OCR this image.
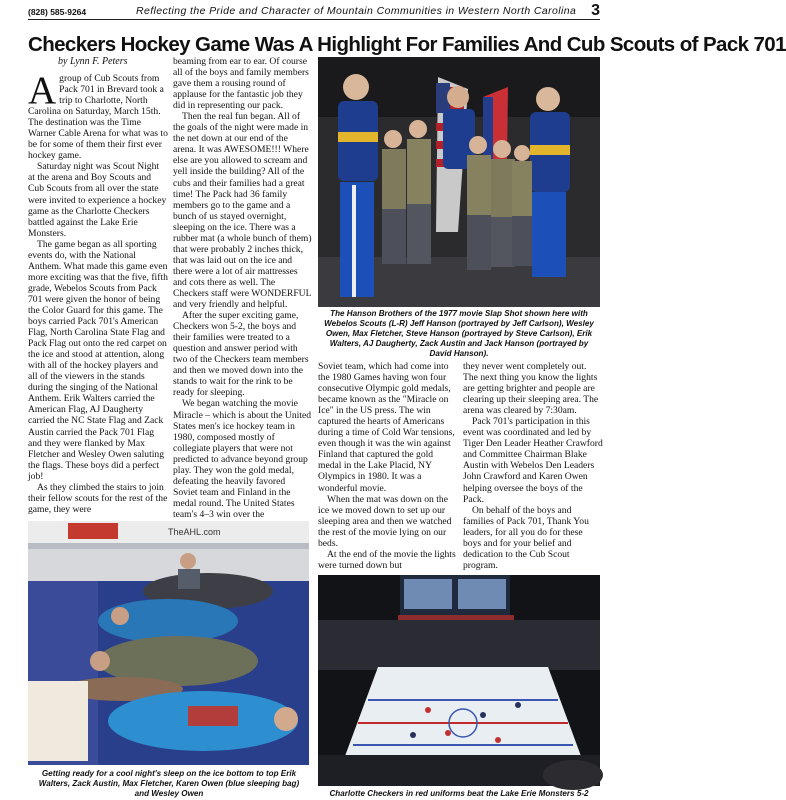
(828) 585-9264	Reflecting the Pride and Character of Mountain Communities in Western North Carolina 3
Checkers Hockey Game Was A Highlight For Families And Cub Scouts of Pack 701
by Lynn F. Peters
A group of Cub Scouts from Pack 701 in Brevard took a trip to Charlotte, North Carolina on Saturday, March 15th. The destination was the Time Warner Cable Arena for what was to be for some of them their first ever hockey game.

Saturday night was Scout Night at the arena and Boy Scouts and Cub Scouts from all over the state were invited to experience a hockey game as the Charlotte Checkers battled against the Lake Erie Monsters.

The game began as all sporting events do, with the National Anthem. What made this game even more exciting was that the five, fifth grade, Webelos Scouts from Pack 701 were given the honor of being the Color Guard for this game. The boys carried Pack 701's American Flag, North Carolina State Flag and Pack Flag out onto the red carpet on the ice and stood at attention, along with all of the hockey players and all of the viewers in the stands during the singing of the National Anthem. Erik Walters carried the American Flag, AJ Daugherty carried the NC State Flag and Zack Austin carried the Pack 701 Flag and they were flanked by Max Fletcher and Wesley Owen saluting the flags. These boys did a perfect job!

As they climbed the stairs to join their fellow scouts for the rest of the game, they were

beaming from ear to ear. Of course all of the boys and family members gave them a rousing round of applause for the fantastic job they did in representing our pack.

Then the real fun began. All of the goals of the night were made in the net down at our end of the arena. It was AWESOME!!! Where else are you allowed to scream and yell inside the building? All of the cubs and their families had a great time! The Pack had 36 family members go to the game and a bunch of us stayed overnight, sleeping on the ice. There was a rubber mat (a whole bunch of them) that were probably 2 inches thick, that was laid out on the ice and there were a lot of air mattresses and cots there as well. The Checkers staff were WONDERFUL and very friendly and helpful.

After the super exciting game, Checkers won 5-2, the boys and their families were treated to a question and answer period with two of the Checkers team members and then we moved down into the stands to wait for the rink to be ready for sleeping.

We began watching the movie Miracle – which is about the United States men's ice hockey team in 1980, composed mostly of collegiate players that were not predicted to advance beyond group play. They won the gold medal, defeating the heavily favored Soviet team and Finland in the medal round. The United States team's 4–3 win over the

Soviet team, which had come into the 1980 Games having won four consecutive Olympic gold medals, became known as the "Miracle on Ice" in the US press. The win captured the hearts of Americans during a time of Cold War tensions, even though it was the win against Finland that captured the gold medal in the Lake Placid, NY Olympics in 1980. It was a wonderful movie.

When the mat was down on the ice we moved down to set up our sleeping area and then we watched the rest of the movie lying on our beds.

At the end of the movie the lights were turned down but

they never went completely out. The next thing you know the lights are getting brighter and people are clearing up their sleeping area. The arena was cleared by 7:30am.

Pack 701's participation in this event was coordinated and led by Tiger Den Leader Heather Crawford and Committee Chairman Blake Austin with Webelos Den Leaders John Crawford and Karen Owen helping oversee the boys of the Pack.

On behalf of the boys and families of Pack 701, Thank You leaders, for all you do for these boys and for your belief and dedication to the Cub Scout program.

The Hanson Brothers of the 1977 movie Slap Shot shown here with Webelos Scouts (L-R) Jeff Hanson (portrayed by Jeff Carlson), Wesley Owen, Max Fletcher, Steve Hanson (portrayed by Steve Carlson), Erik Walters, AJ Daugherty, Zack Austin and Jack Hanson (portrayed by David Hanson).
TheAHL.com
Getting ready for a cool night's sleep on the ice bottom to top Erik Walters, Zack Austin, Max Fletcher, Karen Owen (blue sleeping bag) and Wesley Owen	Charlotte Checkers in red uniforms beat the Lake Erie Monsters 5-2
